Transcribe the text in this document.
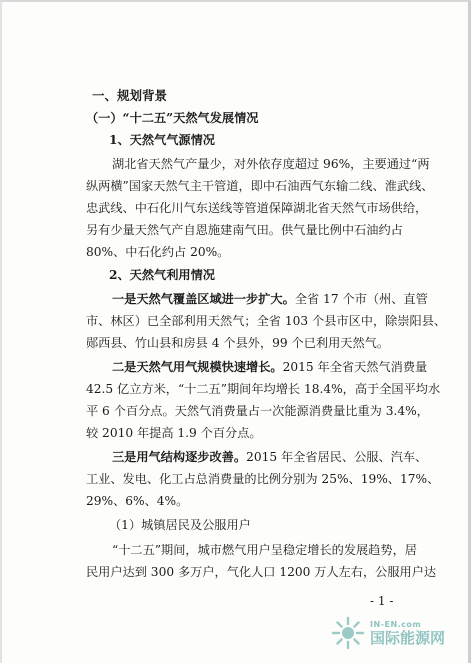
一、规划背景
（一）“十二五”天然气发展情况
1、天然气气源情况
湖北省天然气产量少，对外依存度超过 96%，主要通过“两
纵两横”国家天然气主干管道，即中石油西气东输二线、淮武线、
忠武线、中石化川气东送线等管道保障湖北省天然气市场供给，
另有少量天然气产自恩施建南气田。供气量比例中石油约占
80%、中石化约占 20%。
2、天然气利用情况
一是天然气覆盖区域进一步扩大。全省 17 个市（州、直管
市、林区）已全部利用天然气；全省 103 个县市区中，除崇阳县、
郧西县、竹山县和房县 4 个县外，99 个已利用天然气。
二是天然气用气规模快速增长。2015 年全省天然气消费量
42.5 亿立方米，“十二五”期间年均增长 18.4%，高于全国平均水
平 6 个百分点。天然气消费量占一次能源消费量比重为 3.4%，
较 2010 年提高 1.9 个百分点。
三是用气结构逐步改善。2015 年全省居民、公服、汽车、
工业、发电、化工占总消费量的比例分别为 25%、19%、17%、
29%、6%、4%。
（1）城镇居民及公服用户
“十二五”期间，城市燃气用户呈稳定增长的发展趋势，居
民用户达到 300 多万户，气化人口 1200 万人左右，公服用户达
- 1 -
IN-EN.com
国际能源网
